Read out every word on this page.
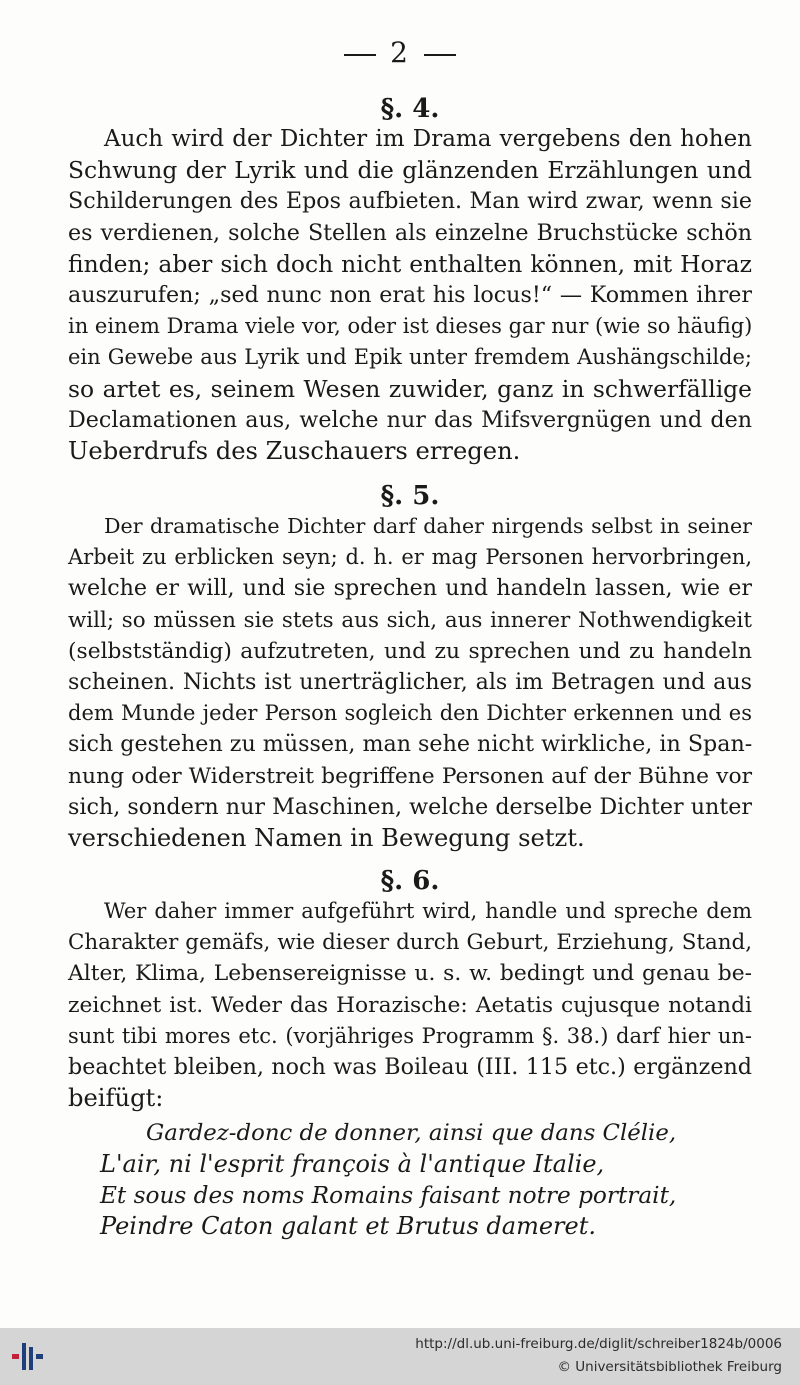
2
§. 4.
Auch wird der Dichter im Drama vergebens den hohen
Schwung der Lyrik und die glänzenden Erzählungen und
Schilderungen des Epos aufbieten. Man wird zwar, wenn sie
es verdienen, solche Stellen als einzelne Bruchstücke schön
finden; aber sich doch nicht enthalten können, mit Horaz
auszurufen; „sed nunc non erat his locus!“ — Kommen ihrer
in einem Drama viele vor, oder ist dieses gar nur (wie so häufig)
ein Gewebe aus Lyrik und Epik unter fremdem Aushängschilde;
so artet es, seinem Wesen zuwider, ganz in schwerfällige
Declamationen aus, welche nur das Mifsvergnügen und den
Ueberdrufs des Zuschauers erregen.
§. 5.
Der dramatische Dichter darf daher nirgends selbst in seiner
Arbeit zu erblicken seyn; d. h. er mag Personen hervorbringen,
welche er will, und sie sprechen und handeln lassen, wie er
will; so müssen sie stets aus sich, aus innerer Nothwendigkeit
(selbstständig) aufzutreten, und zu sprechen und zu handeln
scheinen. Nichts ist unerträglicher, als im Betragen und aus
dem Munde jeder Person sogleich den Dichter erkennen und es
sich gestehen zu müssen, man sehe nicht wirkliche, in Span-
nung oder Widerstreit begriffene Personen auf der Bühne vor
sich, sondern nur Maschinen, welche derselbe Dichter unter
verschiedenen Namen in Bewegung setzt.
§. 6.
Wer daher immer aufgeführt wird, handle und spreche dem
Charakter gemäfs, wie dieser durch Geburt, Erziehung, Stand,
Alter, Klima, Lebensereignisse u. s. w. bedingt und genau be-
zeichnet ist. Weder das Horazische: Aetatis cujusque notandi
sunt tibi mores etc. (vorjähriges Programm §. 38.) darf hier un-
beachtet bleiben, noch was Boileau (III. 115 etc.) ergänzend
beifügt:
Gardez-donc de donner, ainsi que dans Clélie,
L'air, ni l'esprit françois à l'antique Italie,
Et sous des noms Romains faisant notre portrait,
Peindre Caton galant et Brutus dameret.
http://dl.ub.uni-freiburg.de/diglit/schreiber1824b/0006
© Universitätsbibliothek Freiburg
